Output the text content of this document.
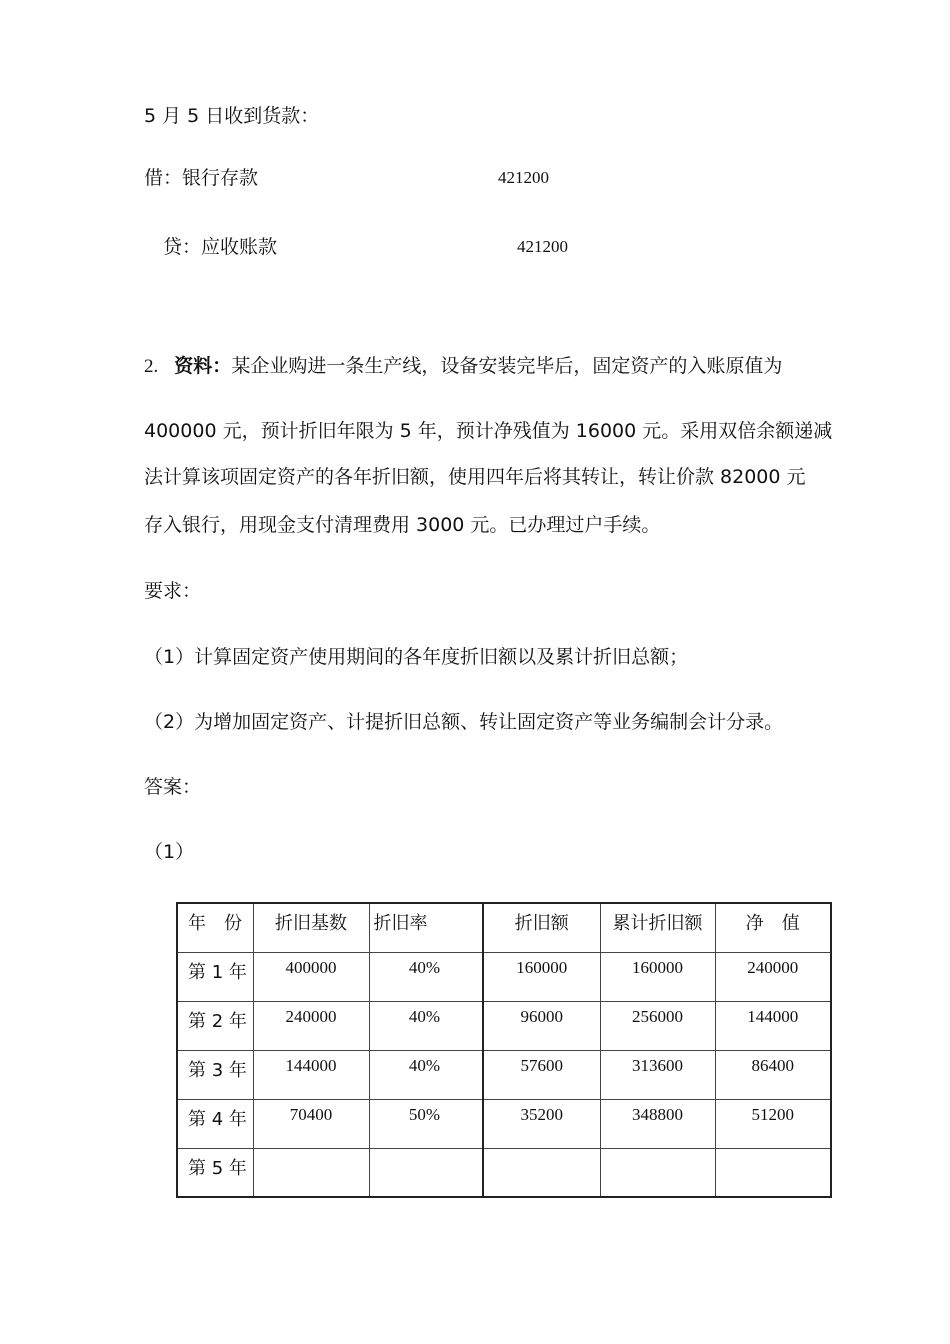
5 月 5 日收到货款：
借：银行存款	421200
贷：应收账款	421200
2. 资料：某企业购进一条生产线，设备安装完毕后，固定资产的入账原值为
400000 元，预计折旧年限为 5 年，预计净残值为 16000 元。采用双倍余额递减
法计算该项固定资产的各年折旧额，使用四年后将其转让，转让价款 82000 元
存入银行，用现金支付清理费用 3000 元。已办理过户手续。
要求：
（1）计算固定资产使用期间的各年度折旧额以及累计折旧总额；
（2）为增加固定资产、计提折旧总额、转让固定资产等业务编制会计分录。
答案：
（1）
年　份	折旧基数	折旧率	折旧额	累计折旧额	净　值
第 1 年	400000	40%	160000	160000	240000
第 2 年	240000	40%	96000	256000	144000
第 3 年	144000	40%	57600	313600	86400
第 4 年	70400	50%	35200	348800	51200
第 5 年					
